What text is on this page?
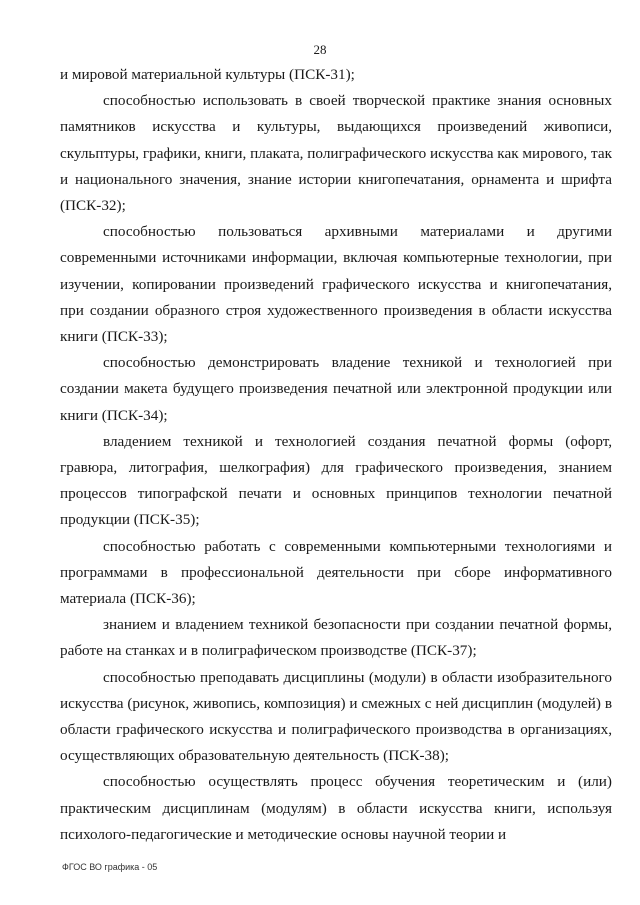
28

и мировой материальной культуры (ПСК-31);

способностью использовать в своей творческой практике знания основных памятников искусства и культуры, выдающихся произведений живописи, скульптуры, графики, книги, плаката, полиграфического искусства как мирового, так и национального значения, знание истории книгопечатания, орнамента и шрифта (ПСК-32);

способностью пользоваться архивными материалами и другими современными источниками информации, включая компьютерные технологии, при изучении, копировании произведений графического искусства и книгопечатания, при создании образного строя художественного произведения в области искусства книги (ПСК-33);

способностью демонстрировать владение техникой и технологией при создании макета будущего произведения печатной или электронной продукции или книги (ПСК-34);

владением техникой и технологией создания печатной формы (офорт, гравюра, литография, шелкография) для графического произведения, знанием процессов типографской печати и основных принципов технологии печатной продукции (ПСК-35);

способностью работать с современными компьютерными технологиями и программами в профессиональной деятельности при сборе информативного материала (ПСК-36);

знанием и владением техникой безопасности при создании печатной формы, работе на станках и в полиграфическом производстве (ПСК-37);

способностью преподавать дисциплины (модули) в области изобразительного искусства (рисунок, живопись, композиция) и смежных с ней дисциплин (модулей) в области графического искусства и полиграфического производства в организациях, осуществляющих образовательную деятельность (ПСК-38);

способностью осуществлять процесс обучения теоретическим и (или) практическим дисциплинам (модулям) в области искусства книги, используя психолого-педагогические и методические основы научной теории и

ФГОС ВО графика - 05
